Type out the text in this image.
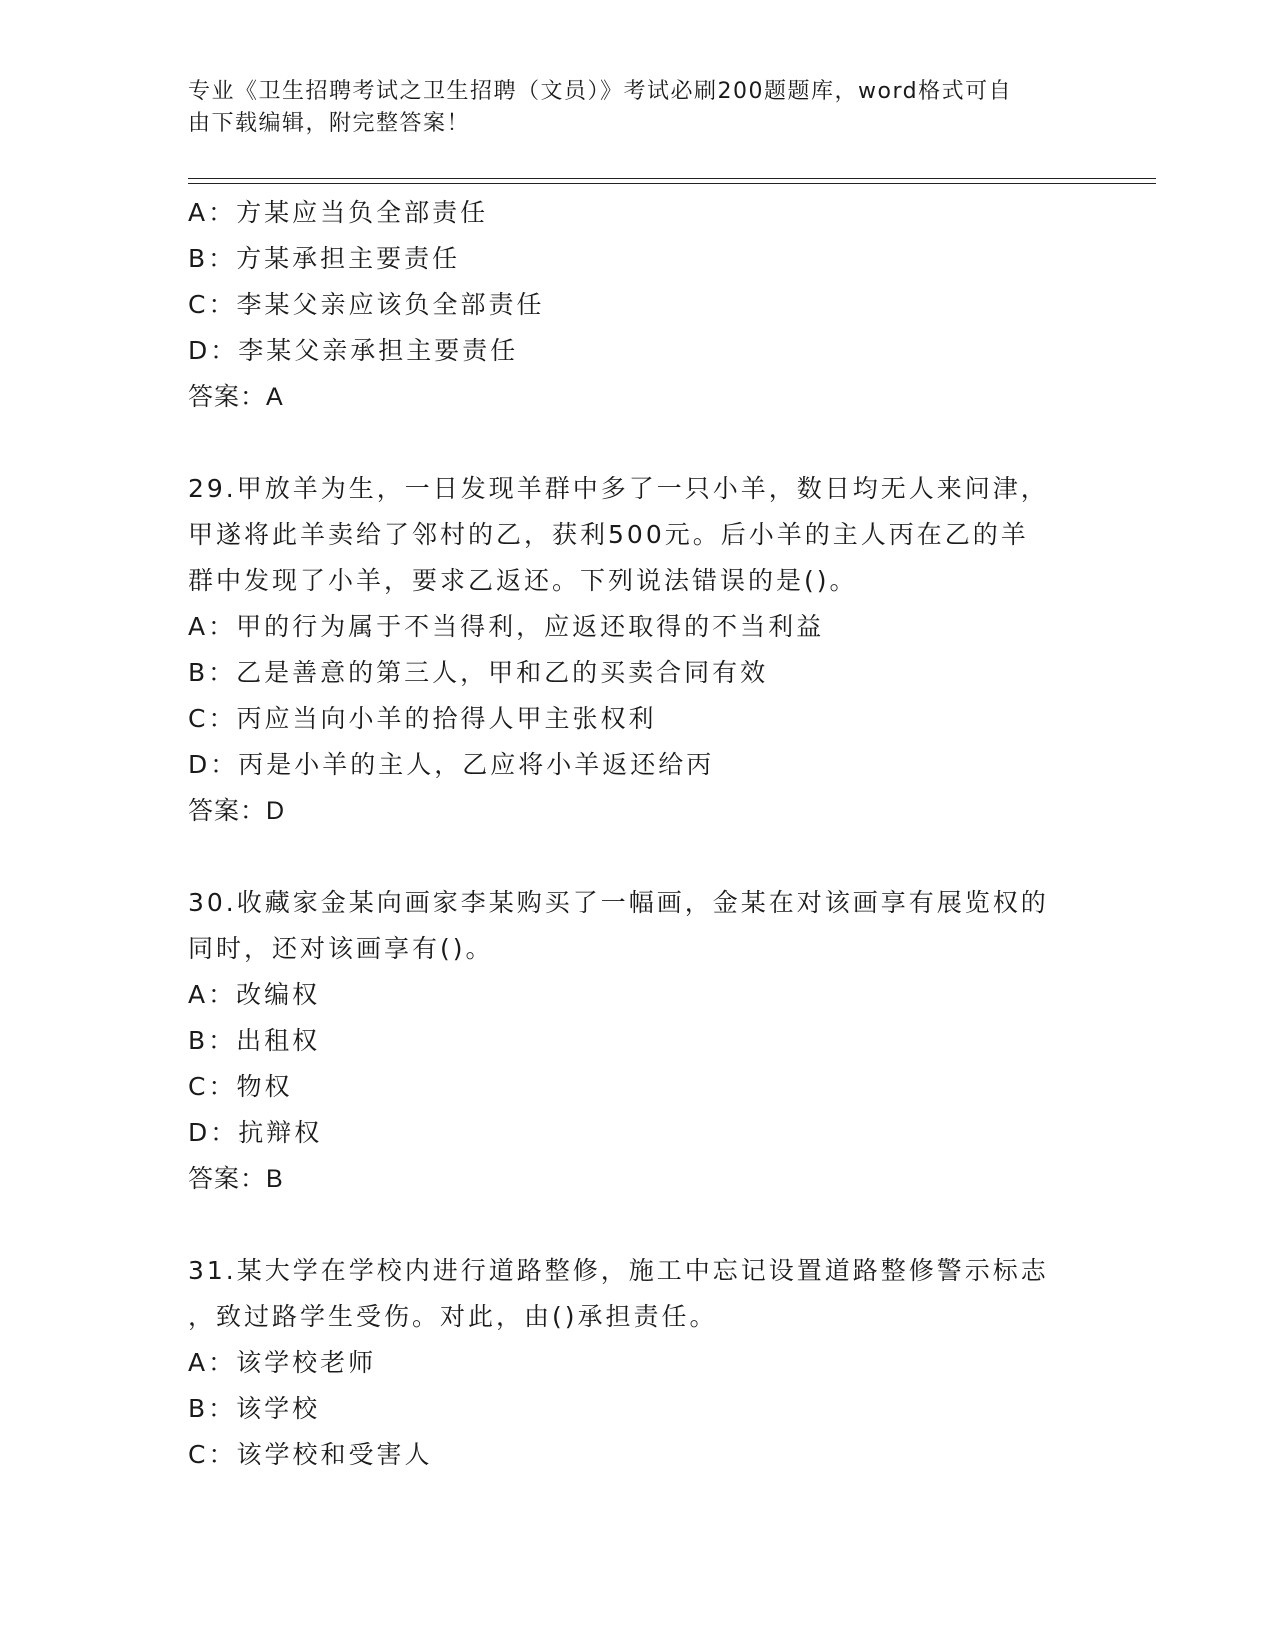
专业《卫生招聘考试之卫生招聘（文员）》考试必刷200题题库，word格式可自
由下载编辑，附完整答案！
A：方某应当负全部责任
B：方某承担主要责任
C：李某父亲应该负全部责任
D：李某父亲承担主要责任
答案：A
29.甲放羊为生，一日发现羊群中多了一只小羊，数日均无人来问津，
甲遂将此羊卖给了邻村的乙，获利500元。后小羊的主人丙在乙的羊
群中发现了小羊，要求乙返还。下列说法错误的是()。
A：甲的行为属于不当得利，应返还取得的不当利益
B：乙是善意的第三人，甲和乙的买卖合同有效
C：丙应当向小羊的拾得人甲主张权利
D：丙是小羊的主人，乙应将小羊返还给丙
答案：D
30.收藏家金某向画家李某购买了一幅画，金某在对该画享有展览权的
同时，还对该画享有()。
A：改编权
B：出租权
C：物权
D：抗辩权
答案：B
31.某大学在学校内进行道路整修，施工中忘记设置道路整修警示标志
，致过路学生受伤。对此，由()承担责任。
A：该学校老师
B：该学校
C：该学校和受害人
